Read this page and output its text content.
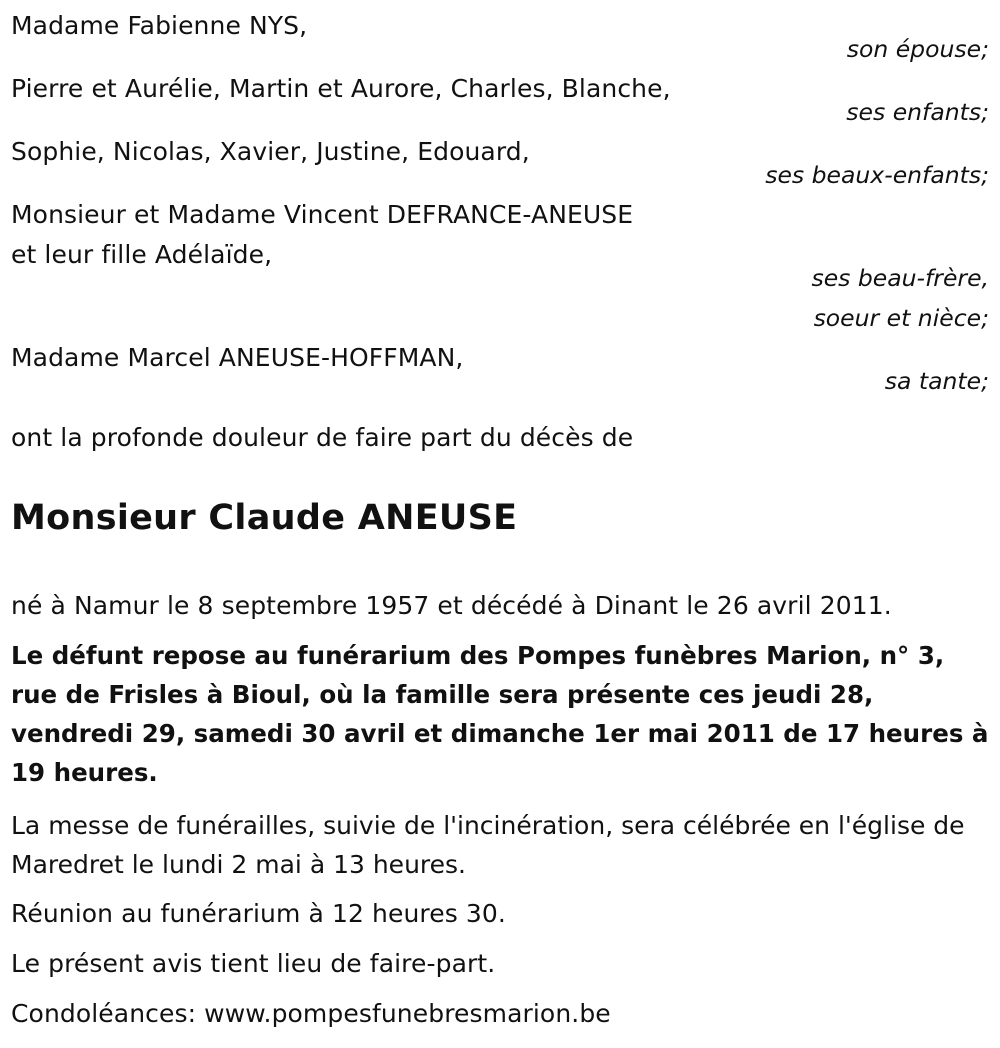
Madame Fabienne NYS,
son épouse;
Pierre et Aurélie, Martin et Aurore, Charles, Blanche,
ses enfants;
Sophie, Nicolas, Xavier, Justine, Edouard,
ses beaux-enfants;
Monsieur et Madame Vincent DEFRANCE-ANEUSE
et leur fille Adélaïde,
ses beau-frère,
soeur et nièce;
Madame Marcel ANEUSE-HOFFMAN,
sa tante;
ont la profonde douleur de faire part du décès de
Monsieur Claude ANEUSE
né à Namur le 8 septembre 1957 et décédé à Dinant le 26 avril 2011.
Le défunt repose au funérarium des Pompes funèbres Marion, n° 3, rue de Frisles à Bioul, où la famille sera présente ces jeudi 28, vendredi 29, samedi 30 avril et dimanche 1er mai 2011 de 17 heures à 19 heures.
La messe de funérailles, suivie de l'incinération, sera célébrée en l'église de Maredret le lundi 2 mai à 13 heures.
Réunion au funérarium à 12 heures 30.
Le présent avis tient lieu de faire-part.
Condoléances: www.pompesfunebresmarion.be
